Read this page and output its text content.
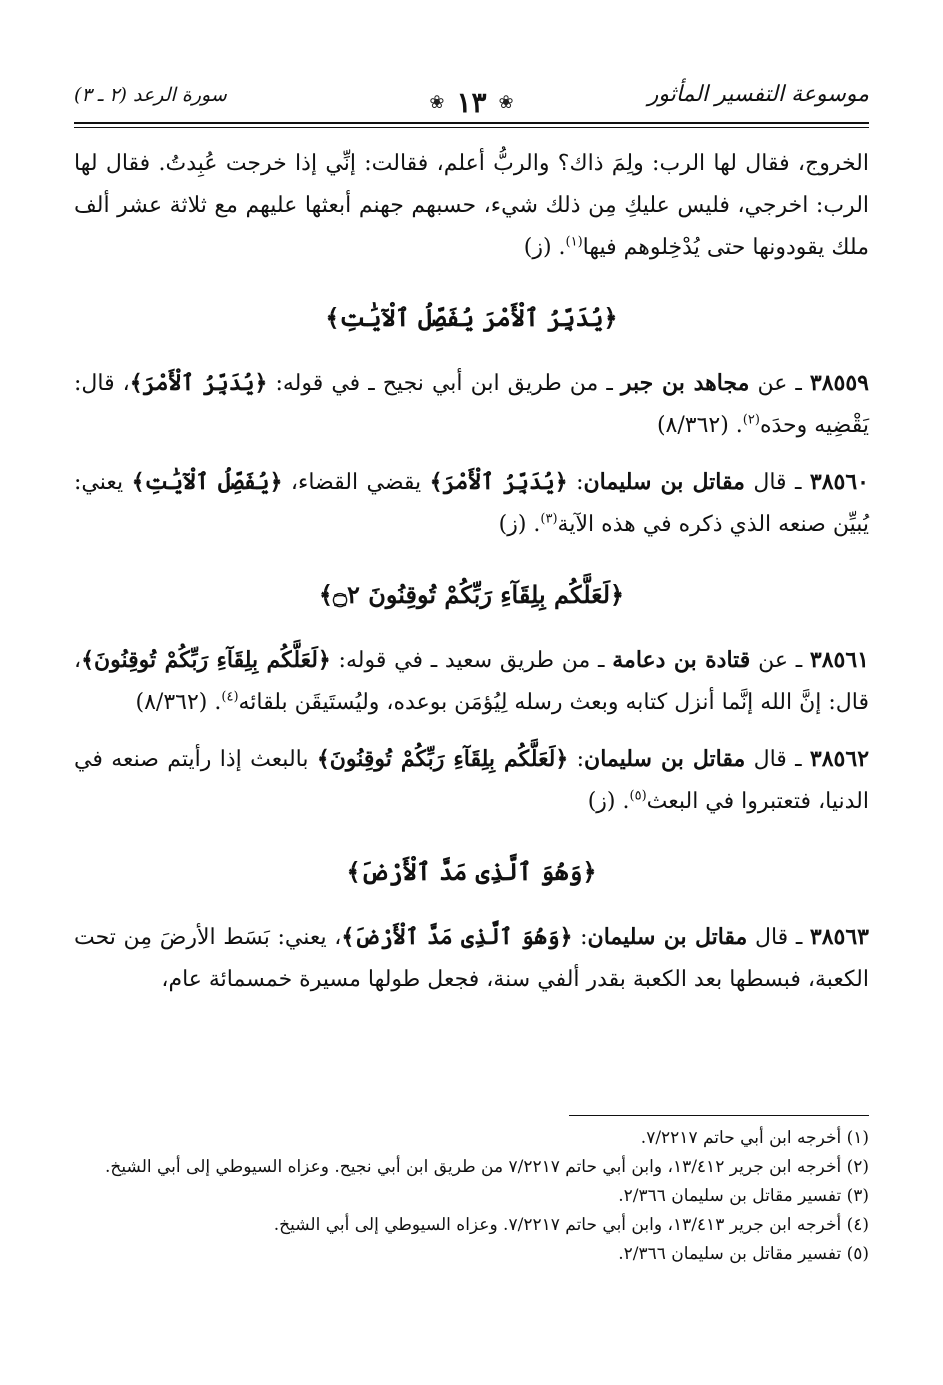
موسوعة التفسير المأثور
❀
١٣
❀
سورة الرعد (٢ ـ ٣)

الخروج، فقال لها الرب: ولِمَ ذاك؟ والربُّ أعلم، فقالت: إنِّي إذا خرجت عُبِدتُ. فقال لها الرب: اخرجي، فليس عليكِ مِن ذلك شيء، حسبهم جهنم أبعثها عليهم مع ثلاثة عشر ألف ملك يقودونها حتى يُدْخِلوهم فيها$^{(١)}$. (ز)

﴿يُدَبِّرُ ٱلْأَمْرَ يُفَصِّلُ ٱلْآيَٰتِ﴾

٣٨٥٥٩ ـ عن مجاهد بن جبر ـ من طريق ابن أبي نجيح ـ في قوله: ﴿يُدَبِّرُ ٱلْأَمْرَ﴾، قال: يَقْضِيه وحدَه$^{(٢)}$. (٨/٣٦٢)

٣٨٥٦٠ ـ قال مقاتل بن سليمان: ﴿يُدَبِّرُ ٱلْأَمْرَ﴾ يقضي القضاء، ﴿يُفَصِّلُ ٱلْآيَٰتِ﴾ يعني: يُبيِّن صنعه الذي ذكره في هذه الآية$^{(٣)}$. (ز)

﴿لَعَلَّكُم بِلِقَآءِ رَبِّكُمْ تُوقِنُونَ ۝٢﴾

٣٨٥٦١ ـ عن قتادة بن دعامة ـ من طريق سعيد ـ في قوله: ﴿لَعَلَّكُم بِلِقَآءِ رَبِّكُمْ تُوقِنُونَ﴾، قال: إنَّ الله إنَّما أنزل كتابه وبعث رسله لِيُؤمَن بوعده، وليُستَيقَن بلقائه$^{(٤)}$. (٨/٣٦٢)

٣٨٥٦٢ ـ قال مقاتل بن سليمان: ﴿لَعَلَّكُم بِلِقَآءِ رَبِّكُمْ تُوقِنُونَ﴾ بالبعث إذا رأيتم صنعه في الدنيا، فتعتبروا في البعث$^{(٥)}$. (ز)

﴿وَهُوَ ٱلَّذِى مَدَّ ٱلْأَرْضَ﴾

٣٨٥٦٣ ـ قال مقاتل بن سليمان: ﴿وَهُوَ ٱلَّذِى مَدَّ ٱلْأَرْضَ﴾، يعني: بَسَط الأرضَ مِن تحت الكعبة، فبسطها بعد الكعبة بقدر ألفي سنة، فجعل طولها مسيرة خمسمائة عام،

(١) أخرجه ابن أبي حاتم ٧/٢٢١٧.

(٢) أخرجه ابن جرير ١٣/٤١٢، وابن أبي حاتم ٧/٢٢١٧ من طريق ابن أبي نجيح. وعزاه السيوطي إلى أبي الشيخ.

(٣) تفسير مقاتل بن سليمان ٢/٣٦٦.

(٤) أخرجه ابن جرير ١٣/٤١٣، وابن أبي حاتم ٧/٢٢١٧. وعزاه السيوطي إلى أبي الشيخ.

(٥) تفسير مقاتل بن سليمان ٢/٣٦٦.
